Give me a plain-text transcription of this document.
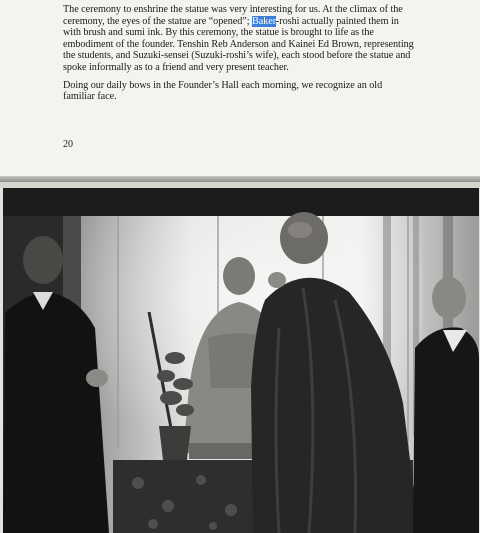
The ceremony to enshrine the statue was very interesting for us. At the climax of the ceremony, the eyes of the statue are “opened”; Baker-roshi actually painted them in with brush and sumi ink. By this ceremony, the statue is brought to life as the embodiment of the founder. Tenshin Reb Anderson and Kainei Ed Brown, representing the students, and Suzuki-sensei (Suzuki-roshi’s wife), each stood before the statue and spoke informally as to a friend and very present teacher.

Doing our daily bows in the Founder’s Hall each morning, we recognize an old familiar face.

20
